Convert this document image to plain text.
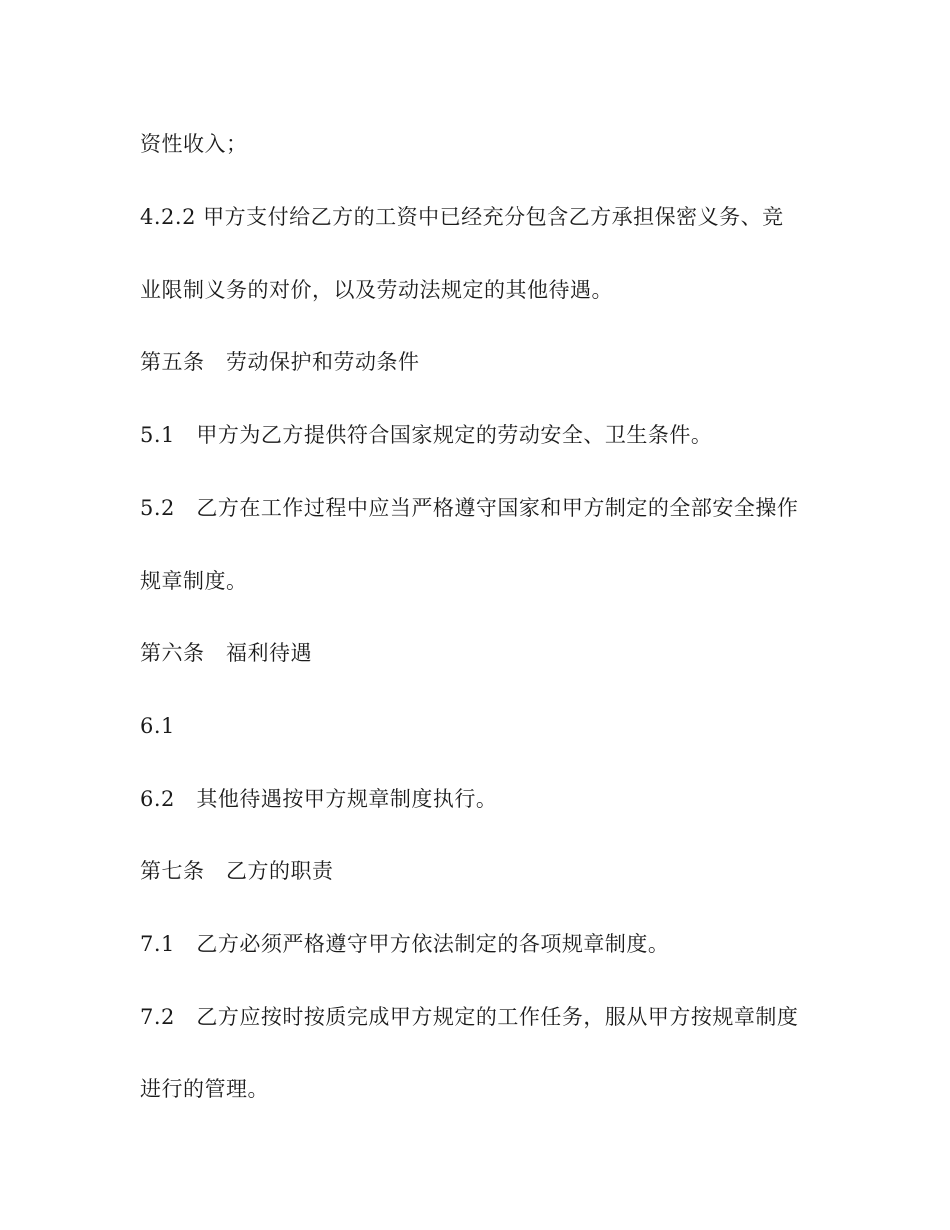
资性收入；
4.2.2 甲方支付给乙方的工资中已经充分包含乙方承担保密义务、竞
业限制义务的对价，以及劳动法规定的其他待遇。
第五条　劳动保护和劳动条件
5.1　甲方为乙方提供符合国家规定的劳动安全、卫生条件。
5.2　乙方在工作过程中应当严格遵守国家和甲方制定的全部安全操作
规章制度。
第六条　福利待遇
6.1
6.2　其他待遇按甲方规章制度执行。
第七条　乙方的职责
7.1　乙方必须严格遵守甲方依法制定的各项规章制度。
7.2　乙方应按时按质完成甲方规定的工作任务，服从甲方按规章制度
进行的管理。
